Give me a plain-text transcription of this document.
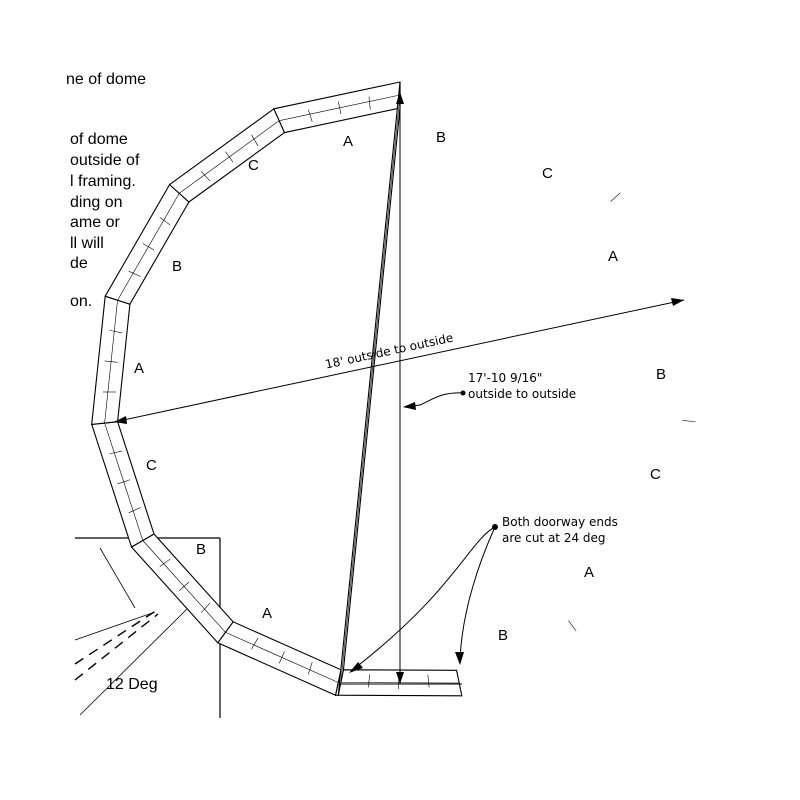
ne of dome
of dome
outside of
l framing.
ding on
ame or
ll will
de
on.
12 Deg
18' outside to outside
17'-10 9/16"
outside to outside
Both doorway ends
are cut at 24 deg
A	B
C
A
B
C
A
B
A
B
C
A
B
C
